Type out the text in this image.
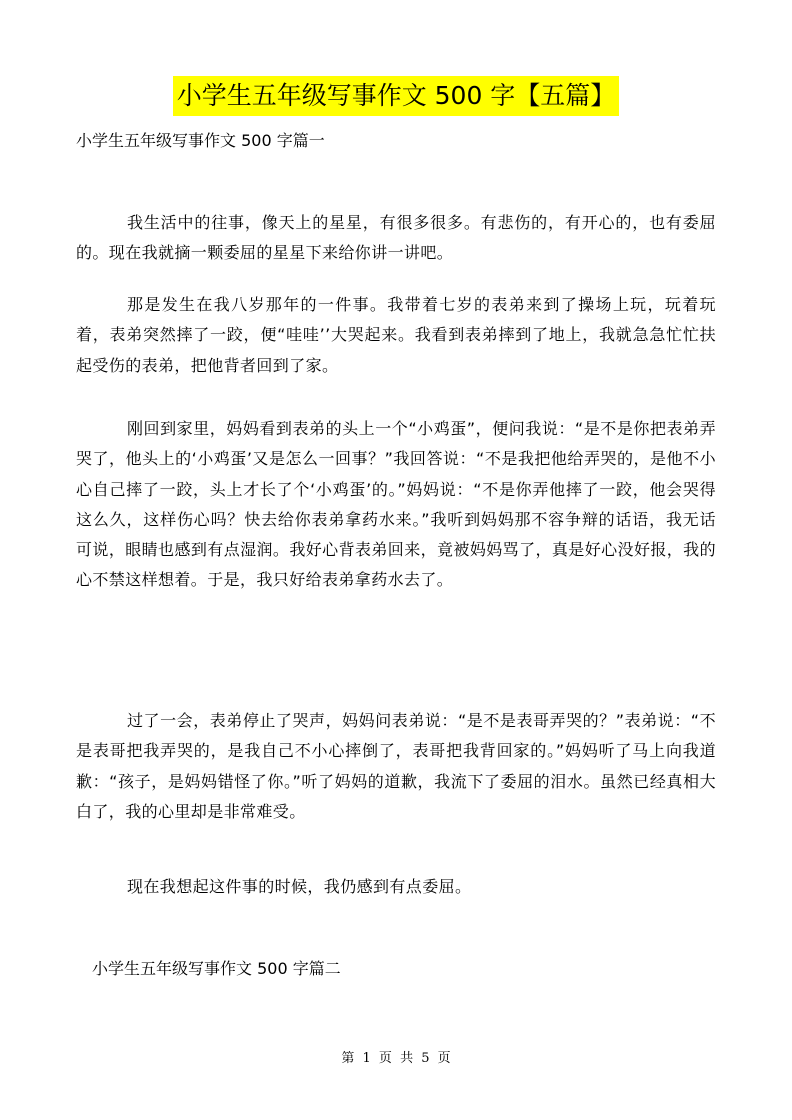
小学生五年级写事作文 500 字【五篇】
小学生五年级写事作文 500 字篇一

我生活中的往事，像天上的星星，有很多很多。有悲伤的，有开心的，也有委屈的。现在我就摘一颗委屈的星星下来给你讲一讲吧。

那是发生在我八岁那年的一件事。我带着七岁的表弟来到了操场上玩，玩着玩着，表弟突然摔了一跤，便“哇哇’’大哭起来。我看到表弟摔到了地上，我就急急忙忙扶起受伤的表弟，把他背者回到了家。

刚回到家里，妈妈看到表弟的头上一个“小鸡蛋”，便问我说：“是不是你把表弟弄哭了，他头上的‘小鸡蛋’又是怎么一回事？”我回答说：“不是我把他给弄哭的，是他不小心自己摔了一跤，头上才长了个‘小鸡蛋’的。”妈妈说：“不是你弄他摔了一跤，他会哭得这么久，这样伤心吗？快去给你表弟拿药水来。”我听到妈妈那不容争辩的话语，我无话可说，眼睛也感到有点湿润。我好心背表弟回来，竟被妈妈骂了，真是好心没好报，我的心不禁这样想着。于是，我只好给表弟拿药水去了。

过了一会，表弟停止了哭声，妈妈问表弟说：“是不是表哥弄哭的？”表弟说：“不是表哥把我弄哭的，是我自己不小心摔倒了，表哥把我背回家的。”妈妈听了马上向我道歉：“孩子，是妈妈错怪了你。”听了妈妈的道歉，我流下了委屈的泪水。虽然已经真相大白了，我的心里却是非常难受。

现在我想起这件事的时候，我仍感到有点委屈。

小学生五年级写事作文 500 字篇二
第 1 页 共 5 页
